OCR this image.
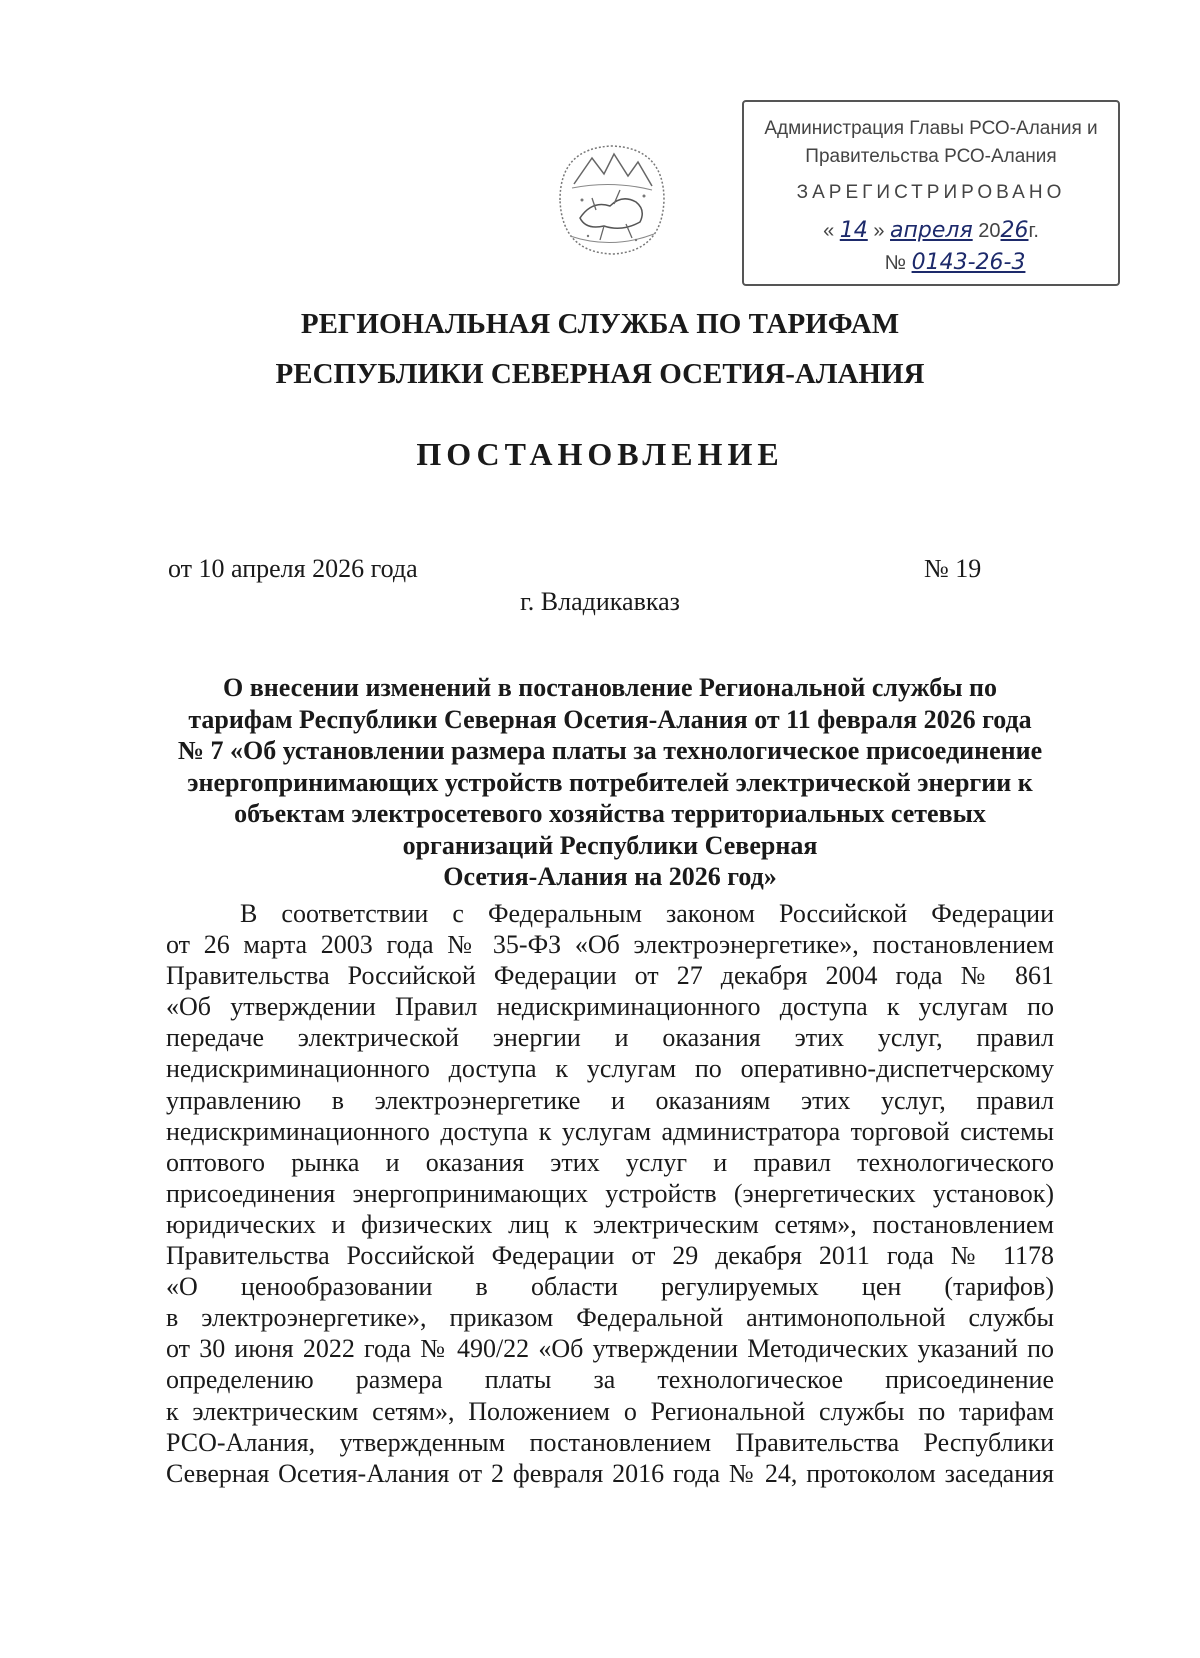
Администрация Главы РСО-Алания и
Правительства РСО-Алания
ЗАРЕГИСТРИРОВАНО
« 14 » апреля 2026г.
№ 0143-26-3
РЕГИОНАЛЬНАЯ СЛУЖБА ПО ТАРИФАМ
РЕСПУБЛИКИ СЕВЕРНАЯ ОСЕТИЯ-АЛАНИЯ
ПОСТАНОВЛЕНИЕ
от 10 апреля 2026 года	№ 19
г. Владикавказ
О внесении изменений в постановление Региональной службы по
тарифам Республики Северная Осетия-Алания от 11 февраля 2026 года
№ 7 «Об установлении размера платы за технологическое присоединение
энергопринимающих устройств потребителей электрической энергии к
объектам электросетевого хозяйства территориальных сетевых
организаций Республики Северная
Осетия-Алания на 2026 год»
В соответствии с Федеральным законом Российской Федерации
от 26 марта 2003 года № 35-ФЗ «Об электроэнергетике», постановлением
Правительства Российской Федерации от 27 декабря 2004 года № 861
«Об утверждении Правил недискриминационного доступа к услугам по
передаче электрической энергии и оказания этих услуг, правил
недискриминационного доступа к услугам по оперативно-диспетчерскому
управлению в электроэнергетике и оказаниям этих услуг, правил
недискриминационного доступа к услугам администратора торговой системы
оптового рынка и оказания этих услуг и правил технологического
присоединения энергопринимающих устройств (энергетических установок)
юридических и физических лиц к электрическим сетям», постановлением
Правительства Российской Федерации от 29 декабря 2011 года № 1178
«О ценообразовании в области регулируемых цен (тарифов)
в электроэнергетике», приказом Федеральной антимонопольной службы
от 30 июня 2022 года № 490/22 «Об утверждении Методических указаний по
определению размера платы за технологическое присоединение
к электрическим сетям», Положением о Региональной службы по тарифам
РСО-Алания, утвержденным постановлением Правительства Республики
Северная Осетия-Алания от 2 февраля 2016 года № 24, протоколом заседания
